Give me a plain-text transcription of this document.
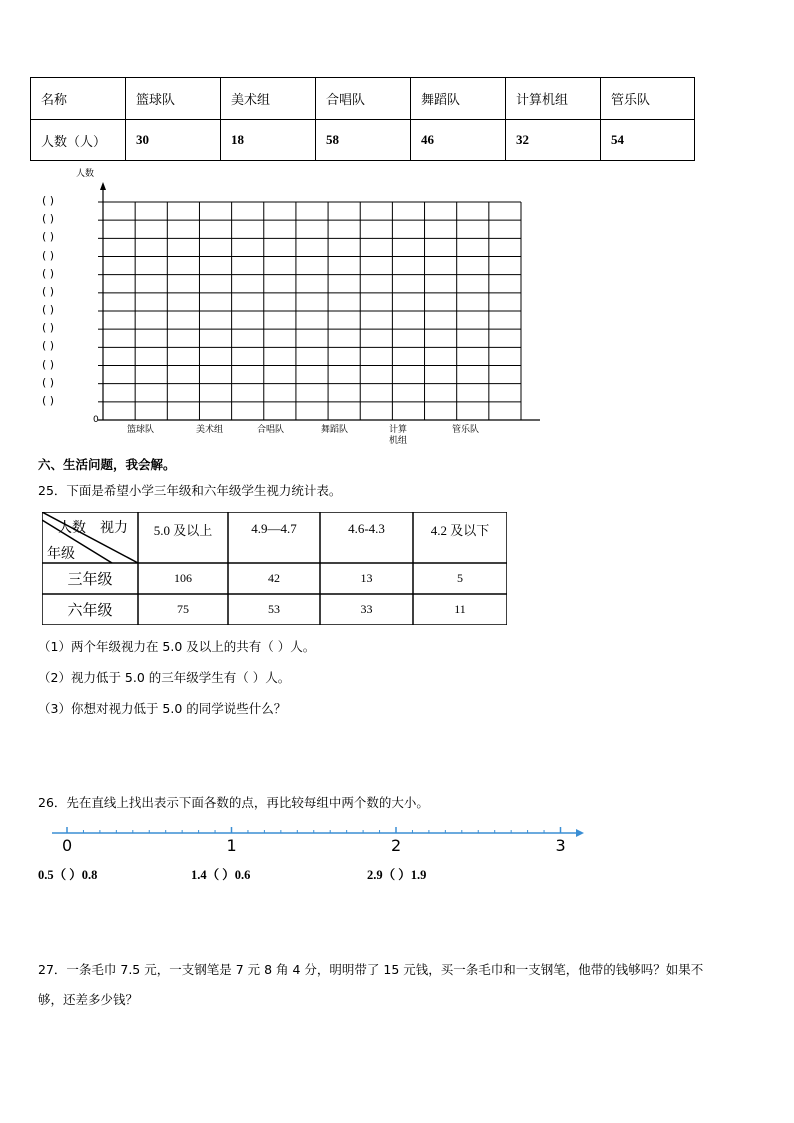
名称	篮球队	美术组	合唱队	舞蹈队	计算机组	管乐队
人数（人）	30	18	58	46	32	54
人数
( )
( )
( )
( )
( )
( )
( )
( )
( )
( )
( )
( )
0
篮球队	美术组	合唱队	舞蹈队	计算
机组
管乐队
六、生活问题，我会解。
25．下面是希望小学三年级和六年级学生视力统计表。
人数 视力
年级
5.0 及以上	4.9—4.7	4.6-4.3	4.2 及以下
三年级	106	42	13	5
六年级	75	53	33	11
（1）两个年级视力在 5.0 及以上的共有（ ）人。
（2）视力低于 5.0 的三年级学生有（ ）人。
（3）你想对视力低于 5.0 的同学说些什么？
26．先在直线上找出表示下面各数的点，再比较每组中两个数的大小。
0	1	2	3
0.5（ ）0.8	1.4（ ）0.6	2.9（ ）1.9
27．一条毛巾 7.5 元，一支钢笔是 7 元 8 角 4 分，明明带了 15 元钱，买一条毛巾和一支钢笔，他带的钱够吗？如果不
够，还差多少钱？
